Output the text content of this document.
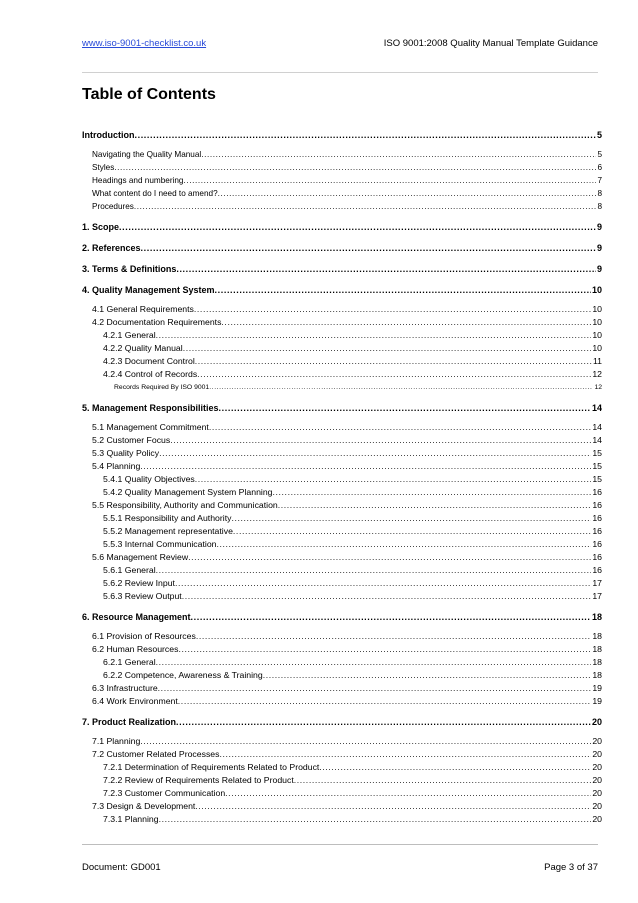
www.iso-9001-checklist.co.uk	ISO 9001:2008 Quality Manual Template Guidance
Table of Contents
Introduction .....	5
Navigating the Quality Manual .....	5
Styles .....	6
Headings and numbering .....	7
What content do I need to amend? .....	8
Procedures .....	8
1. Scope .....	9
2. References .....	9
3. Terms & Definitions .....	9
4. Quality Management System .....	10
4.1 General Requirements .....	10
4.2 Documentation Requirements .....	10
4.2.1 General .....	10
4.2.2 Quality Manual .....	10
4.2.3 Document Control .....	11
4.2.4 Control of Records .....	12
Records Required By ISO 9001 .....	12
5. Management Responsibilities .....	14
5.1 Management Commitment .....	14
5.2 Customer Focus .....	14
5.3 Quality Policy .....	15
5.4 Planning .....	15
5.4.1 Quality Objectives .....	15
5.4.2 Quality Management System Planning .....	16
5.5 Responsibility, Authority and Communication .....	16
5.5.1 Responsibility and Authority .....	16
5.5.2 Management representative .....	16
5.5.3 Internal Communication .....	16
5.6 Management Review .....	16
5.6.1 General .....	16
5.6.2 Review Input .....	17
5.6.3 Review Output .....	17
6. Resource Management .....	18
6.1 Provision of Resources .....	18
6.2 Human Resources .....	18
6.2.1 General .....	18
6.2.2 Competence, Awareness & Training .....	18
6.3 Infrastructure .....	19
6.4 Work Environment .....	19
7. Product Realization .....	20
7.1 Planning .....	20
7.2 Customer Related Processes .....	20
7.2.1 Determination of Requirements Related to Product .....	20
7.2.2 Review of Requirements Related to Product .....	20
7.2.3 Customer Communication .....	20
7.3 Design & Development .....	20
7.3.1 Planning .....	20
Document: GD001	Page 3 of 37
